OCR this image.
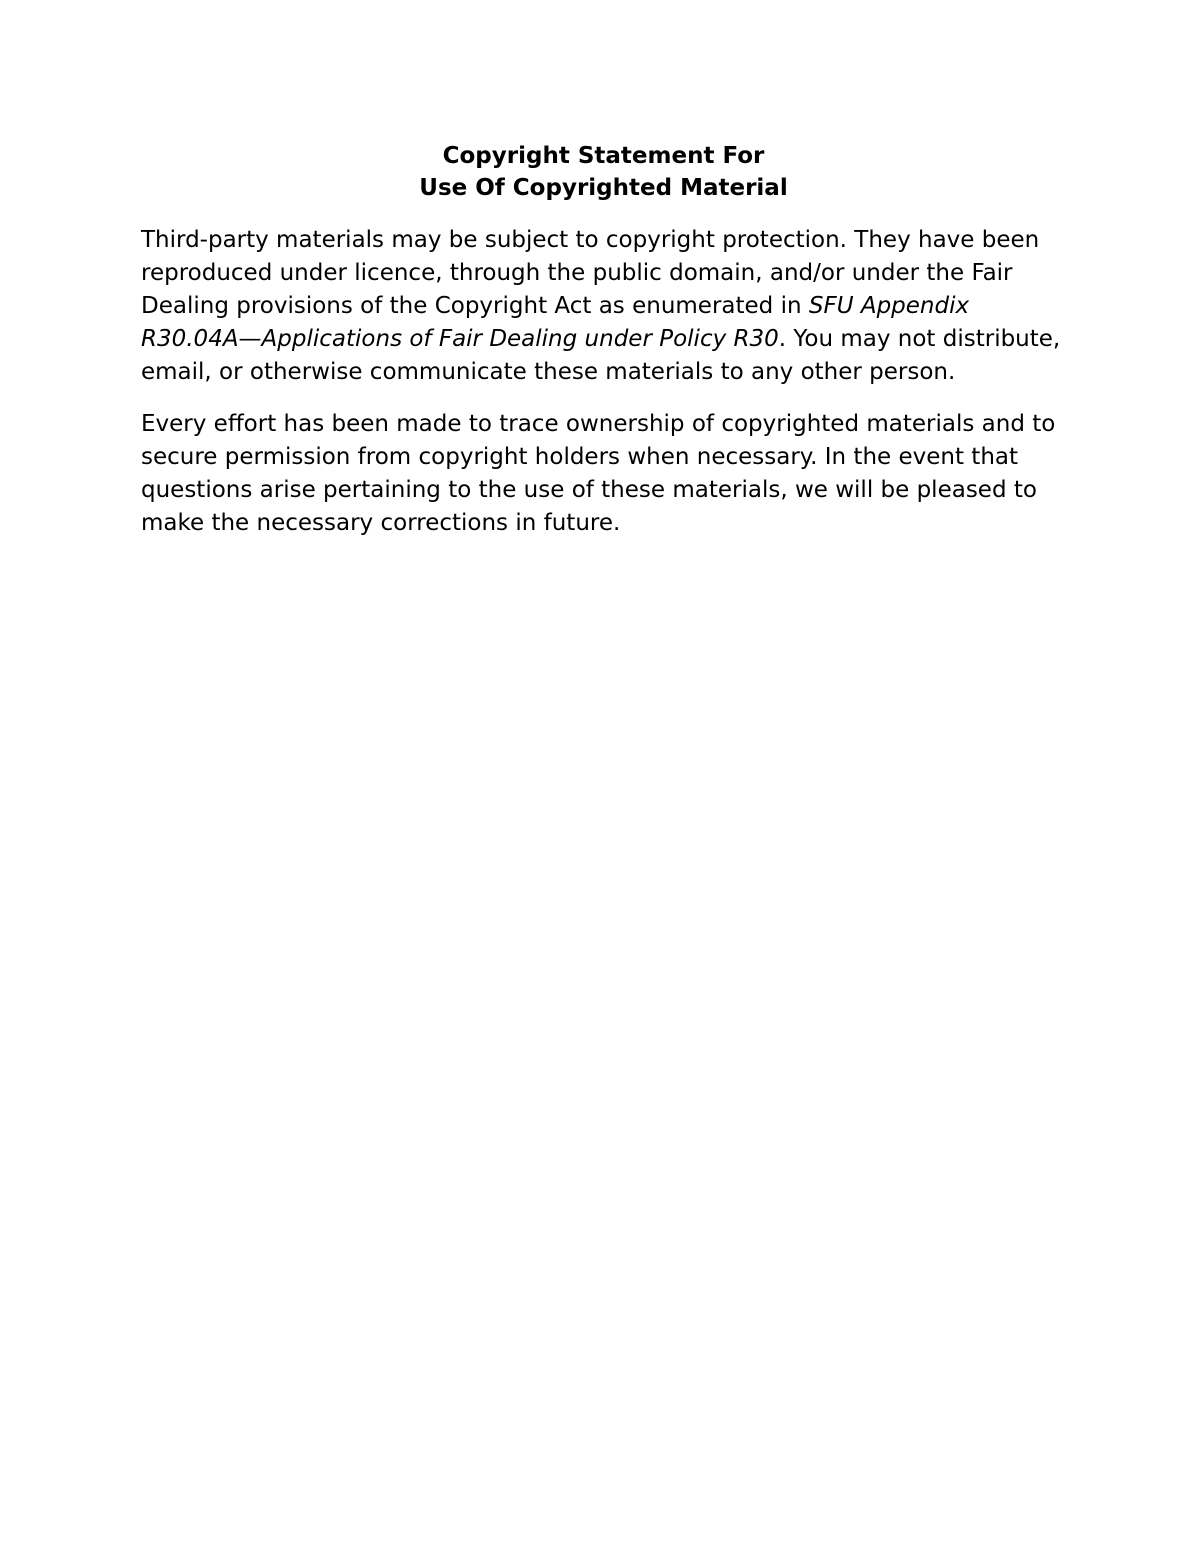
Copyright Statement For
Use Of Copyrighted Material

Third-party materials may be subject to copyright protection. They have been reproduced under licence, through the public domain, and/or under the Fair Dealing provisions of the Copyright Act as enumerated in SFU Appendix R30.04A—Applications of Fair Dealing under Policy R30. You may not distribute, email, or otherwise communicate these materials to any other person.

Every effort has been made to trace ownership of copyrighted materials and to secure permission from copyright holders when necessary. In the event that questions arise pertaining to the use of these materials, we will be pleased to make the necessary corrections in future.
